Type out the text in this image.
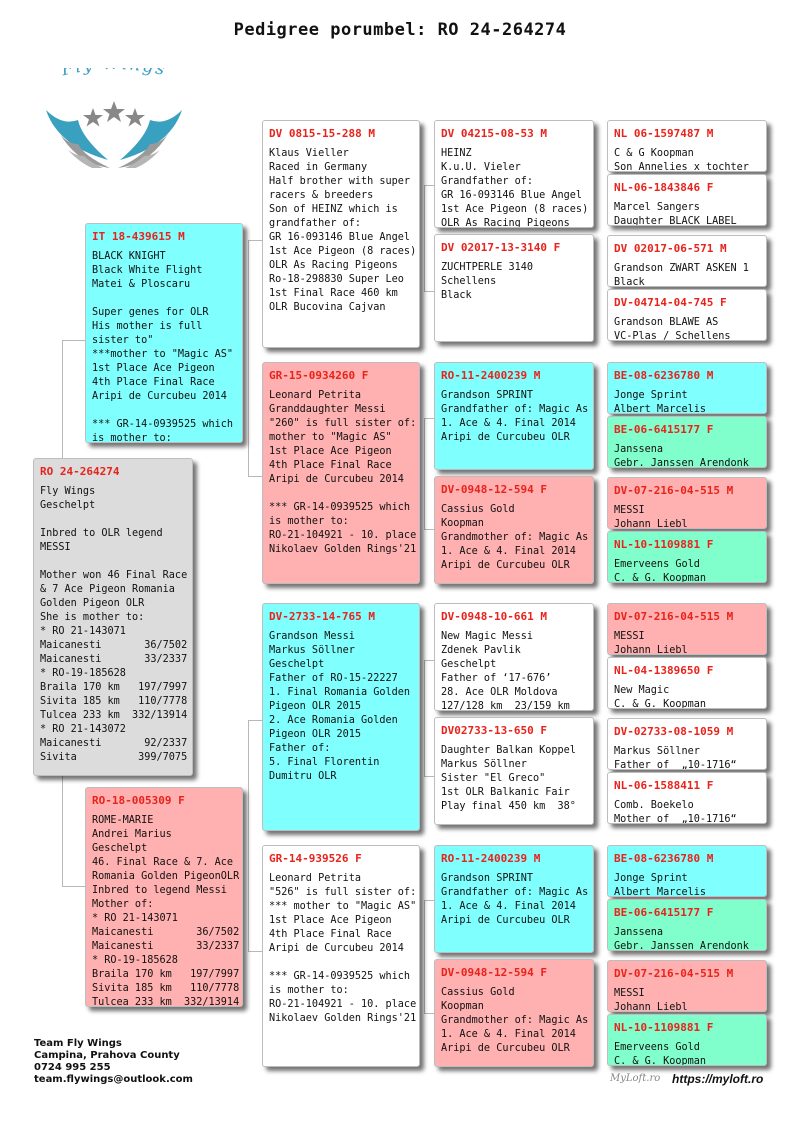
Pedigree porumbel: RO 24-264274
F s
RO 24-264274
Fly Wings
Geschelpt

Inbred to OLR legend
MESSI

Mother won 46 Final Race
& 7 Ace Pigeon Romania
Golden Pigeon OLR
She is mother to:
* RO 21-143071
Maicanesti       36/7502
Maicanesti       33/2337
* RO-19-185628
Braila 170 km   197/7997
Sivita 185 km   110/7778
Tulcea 233 km  332/13914
* RO 21-143072
Maicanesti       92/2337
Sivita          399/7075
IT 18-439615 M
BLACK KNIGHT
Black White Flight
Matei & Ploscaru

Super genes for OLR
His mother is full
sister to"
***mother to "Magic AS"
1st Place Ace Pigeon
4th Place Final Race
Aripi de Curcubeu 2014

*** GR-14-0939525 which
is mother to:
RO-18-005309 F
ROME-MARIE
Andrei Marius
Geschelpt
46. Final Race & 7. Ace
Romania Golden PigeonOLR
Inbred to legend Messi
Mother of:
* RO 21-143071
Maicanesti       36/7502
Maicanesti       33/2337
* RO-19-185628
Braila 170 km   197/7997
Sivita 185 km   110/7778
Tulcea 233 km  332/13914
DV 0815-15-288 M
Klaus Vieller
Raced in Germany
Half brother with super
racers & breeders
Son of HEINZ which is
grandfather of:
GR 16-093146 Blue Angel
1st Ace Pigeon (8 races)
OLR As Racing Pigeons
Ro-18-298830 Super Leo
1st Final Race 460 km
OLR Bucovina Cajvan
GR-15-0934260 F
Leonard Petrita
Granddaughter Messi
"260" is full sister of:
mother to "Magic AS"
1st Place Ace Pigeon
4th Place Final Race
Aripi de Curcubeu 2014

*** GR-14-0939525 which
is mother to:
RO-21-104921 - 10. place
Nikolaev Golden Rings'21
DV-2733-14-765 M
Grandson Messi
Markus Söllner
Geschelpt
Father of RO-15-22227
1. Final Romania Golden
Pigeon OLR 2015
2. Ace Romania Golden
Pigeon OLR 2015
Father of:
5. Final Florentin
Dumitru OLR
GR-14-939526 F
Leonard Petrita
"526" is full sister of:
*** mother to "Magic AS"
1st Place Ace Pigeon
4th Place Final Race
Aripi de Curcubeu 2014

*** GR-14-0939525 which
is mother to:
RO-21-104921 - 10. place
Nikolaev Golden Rings'21
DV 04215-08-53 M
HEINZ
K.u.U. Vieler
Grandfather of:
GR 16-093146 Blue Angel
1st Ace Pigeon (8 races)
OLR As Racing Pigeons
DV 02017-13-3140 F
ZUCHTPERLE 3140
Schellens
Black
RO-11-2400239 M
Grandson SPRINT
Grandfather of: Magic As
1. Ace & 4. Final 2014
Aripi de Curcubeu OLR
DV-0948-12-594 F
Cassius Gold
Koopman
Grandmother of: Magic As
1. Ace & 4. Final 2014
Aripi de Curcubeu OLR
DV-0948-10-661 M
New Magic Messi
Zdenek Pavlik
Geschelpt
Father of ‘17-676’
28. Ace OLR Moldova
127/128 km  23/159 km
DV02733-13-650 F
Daughter Balkan Koppel
Markus Söllner
Sister "El Greco"
1st OLR Balkanic Fair
Play final 450 km  38°
RO-11-2400239 M
Grandson SPRINT
Grandfather of: Magic As
1. Ace & 4. Final 2014
Aripi de Curcubeu OLR
DV-0948-12-594 F
Cassius Gold
Koopman
Grandmother of: Magic As
1. Ace & 4. Final 2014
Aripi de Curcubeu OLR
NL 06-1597487 M
C & G Koopman
Son Annelies x tochter
NL-06-1843846 F
Marcel Sangers
Daughter BLACK LABEL
DV 02017-06-571 M
Grandson ZWART ASKEN 1
Black
DV-04714-04-745 F
Grandson BLAWE AS
VC-Plas / Schellens
BE-08-6236780 M
Jonge Sprint
Albert Marcelis
BE-06-6415177 F
Janssena
Gebr. Janssen Arendonk
DV-07-216-04-515 M
MESSI
Johann Liebl
NL-10-1109881 F
Emerveens Gold
C. & G. Koopman
DV-07-216-04-515 M
MESSI
Johann Liebl
NL-04-1389650 F
New Magic
C. & G. Koopman
DV-02733-08-1059 M
Markus Söllner
Father of  „10-1716“
NL-06-1588411 F
Comb. Boekelo
Mother of  „10-1716“
BE-08-6236780 M
Jonge Sprint
Albert Marcelis
BE-06-6415177 F
Janssena
Gebr. Janssen Arendonk
DV-07-216-04-515 M
MESSI
Johann Liebl
NL-10-1109881 F
Emerveens Gold
C. & G. Koopman
Team Fly Wings
Campina, Prahova County
0724 995 255
team.flywings@outlook.com	MyLoft.ro https://myloft.ro
